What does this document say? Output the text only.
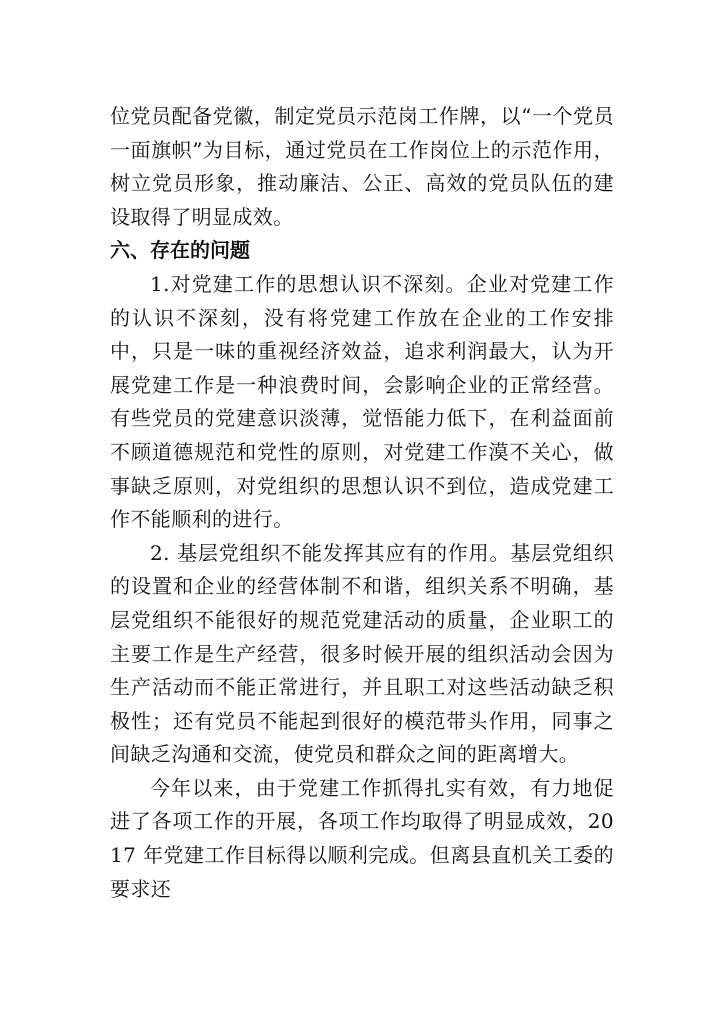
位党员配备党徽，制定党员示范岗工作牌，以“一个党员一面旗帜”为目标，通过党员在工作岗位上的示范作用，树立党员形象，推动廉洁、公正、高效的党员队伍的建设取得了明显成效。

六、存在的问题

1.对党建工作的思想认识不深刻。企业对党建工作的认识不深刻，没有将党建工作放在企业的工作安排中，只是一味的重视经济效益，追求利润最大，认为开展党建工作是一种浪费时间，会影响企业的正常经营。有些党员的党建意识淡薄，觉悟能力低下，在利益面前不顾道德规范和党性的原则，对党建工作漠不关心，做事缺乏原则，对党组织的思想认识不到位，造成党建工作不能顺利的进行。

2. 基层党组织不能发挥其应有的作用。基层党组织的设置和企业的经营体制不和谐，组织关系不明确，基层党组织不能很好的规范党建活动的质量，企业职工的主要工作是生产经营，很多时候开展的组织活动会因为生产活动而不能正常进行，并且职工对这些活动缺乏积极性；还有党员不能起到很好的模范带头作用，同事之间缺乏沟通和交流，使党员和群众之间的距离增大。

今年以来，由于党建工作抓得扎实有效，有力地促进了各项工作的开展，各项工作均取得了明显成效，2017 年党建工作目标得以顺利完成。但离县直机关工委的要求还
